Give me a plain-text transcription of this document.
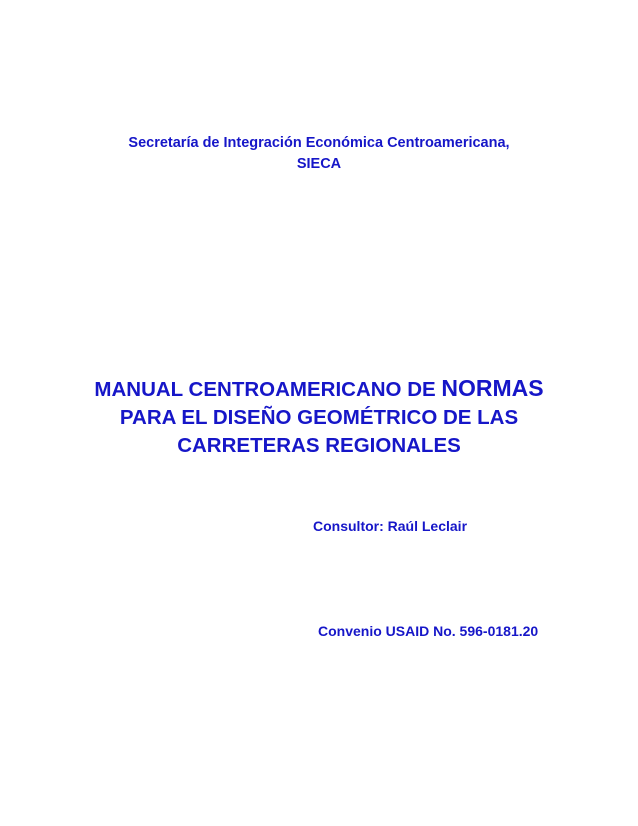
Secretaría de Integración Económica Centroamericana,
SIECA
MANUAL CENTROAMERICANO DE NORMAS
PARA EL DISEÑO GEOMÉTRICO DE LAS
CARRETERAS REGIONALES
Consultor: Raúl Leclair
Convenio USAID No. 596-0181.20
